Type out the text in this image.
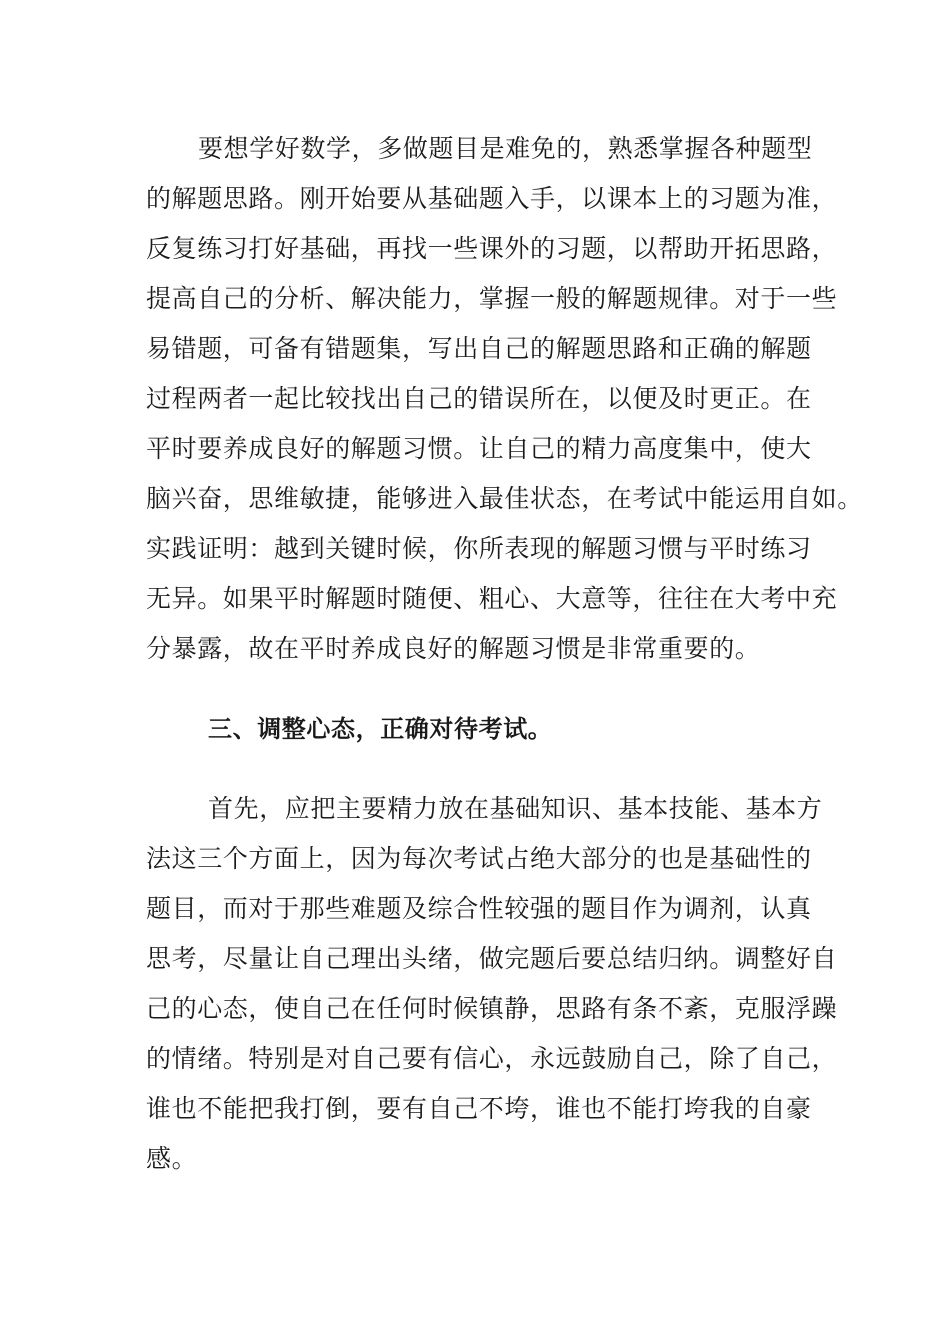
要想学好数学，多做题目是难免的，熟悉掌握各种题型
的解题思路。刚开始要从基础题入手，以课本上的习题为准，
反复练习打好基础，再找一些课外的习题，以帮助开拓思路，
提高自己的分析、解决能力，掌握一般的解题规律。对于一些
易错题，可备有错题集，写出自己的解题思路和正确的解题
过程两者一起比较找出自己的错误所在，以便及时更正。在
平时要养成良好的解题习惯。让自己的精力高度集中，使大
脑兴奋，思维敏捷，能够进入最佳状态，在考试中能运用自如。
实践证明：越到关键时候，你所表现的解题习惯与平时练习
无异。如果平时解题时随便、粗心、大意等，往往在大考中充
分暴露，故在平时养成良好的解题习惯是非常重要的。
三、调整心态，正确对待考试。
首先，应把主要精力放在基础知识、基本技能、基本方
法这三个方面上，因为每次考试占绝大部分的也是基础性的
题目，而对于那些难题及综合性较强的题目作为调剂，认真
思考，尽量让自己理出头绪，做完题后要总结归纳。调整好自
己的心态，使自己在任何时候镇静，思路有条不紊，克服浮躁
的情绪。特别是对自己要有信心，永远鼓励自己，除了自己，
谁也不能把我打倒，要有自己不垮，谁也不能打垮我的自豪
感。
